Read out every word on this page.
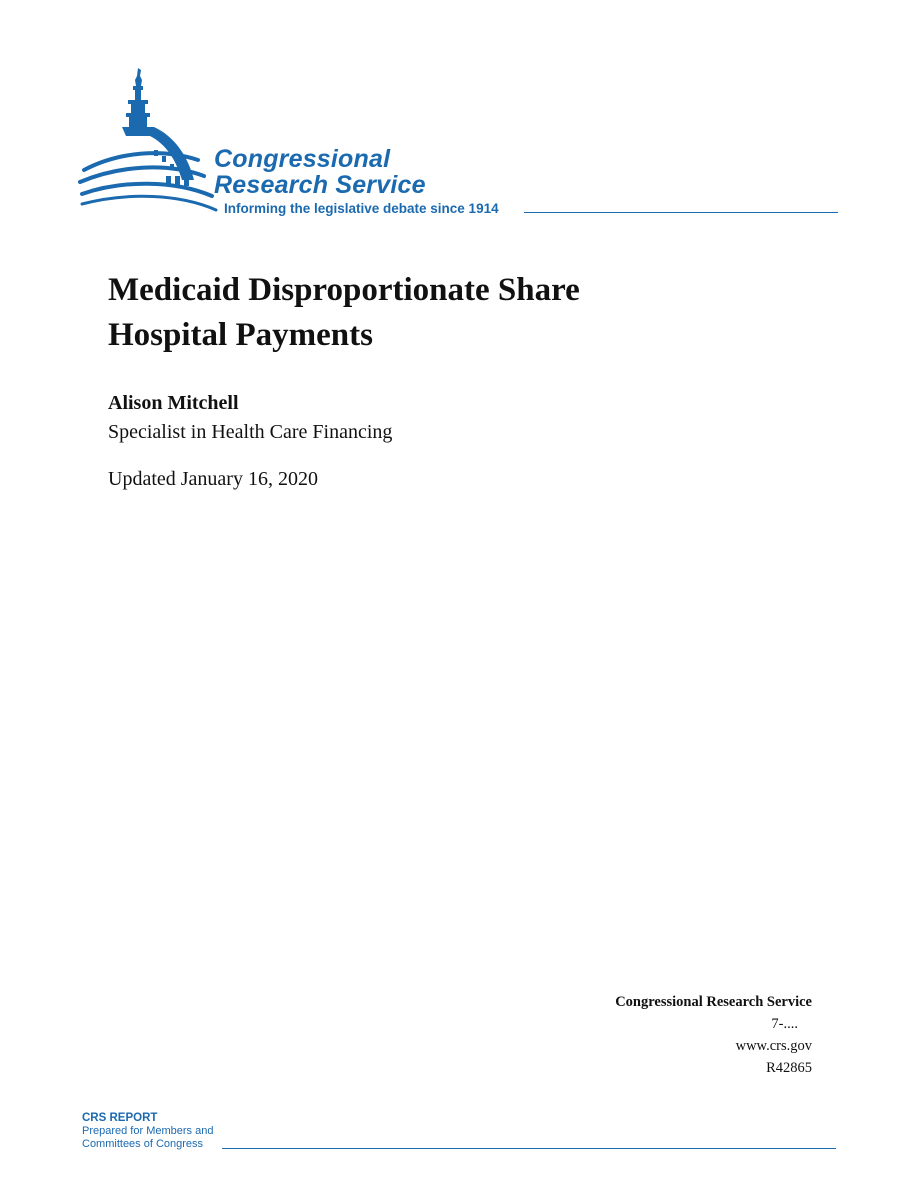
Congressional
Research Service
Informing the legislative debate since 1914
Medicaid Disproportionate Share
Hospital Payments
Alison Mitchell
Specialist in Health Care Financing
Updated January 16, 2020
Congressional Research Service
7-....
www.crs.gov
R42865
CRS REPORT
Prepared for Members and
Committees of Congress
